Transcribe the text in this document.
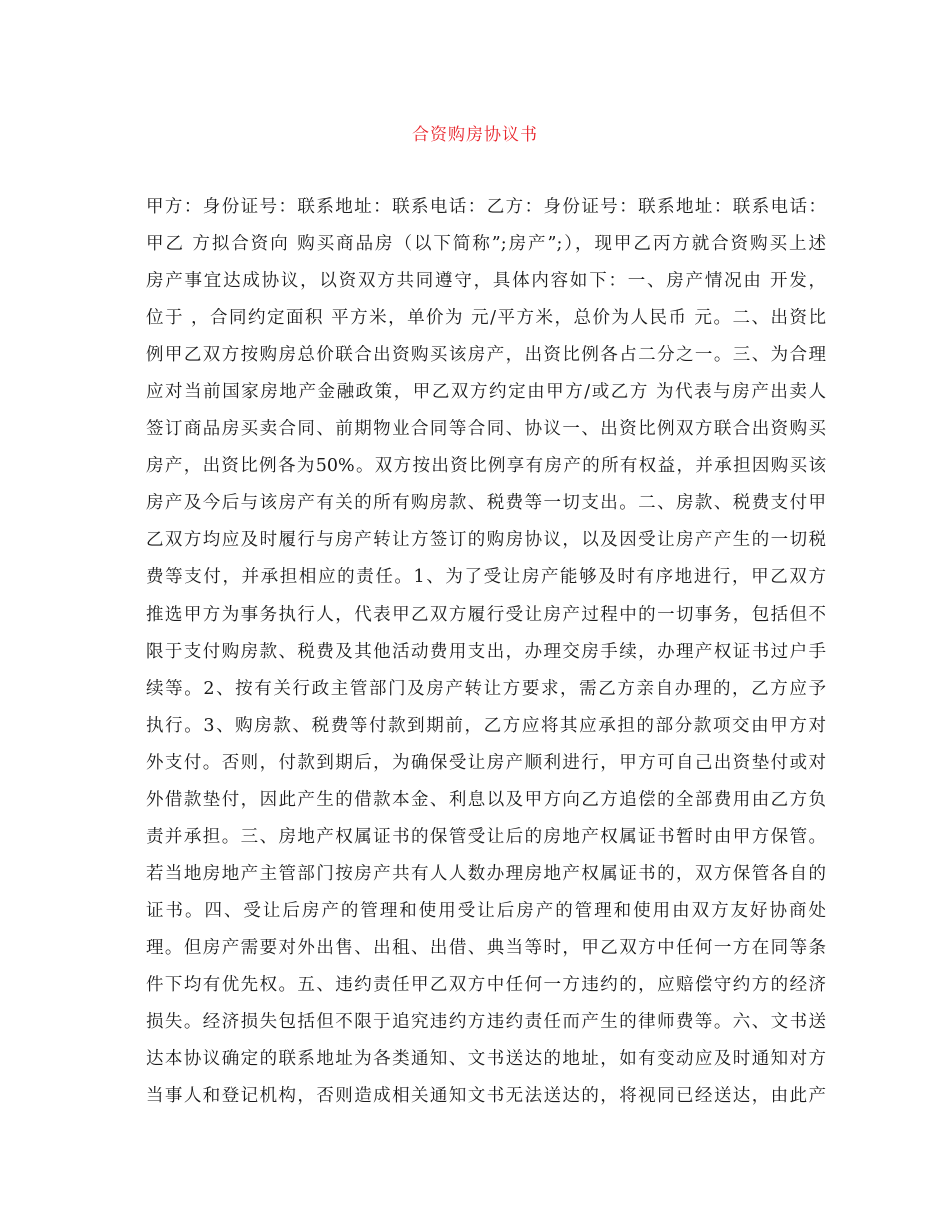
合资购房协议书
甲方：身份证号：联系地址：联系电话：乙方：身份证号：联系地址：联系电话：
甲乙 方拟合资向 购买商品房（以下简称”;房产”;），现甲乙丙方就合资购买上述
房产事宜达成协议，以资双方共同遵守，具体内容如下：一、房产情况由 开发，
位于 ，合同约定面积 平方米，单价为 元/平方米，总价为人民币 元。二、出资比
例甲乙双方按购房总价联合出资购买该房产，出资比例各占二分之一。三、为合理
应对当前国家房地产金融政策，甲乙双方约定由甲方/或乙方 为代表与房产出卖人
签订商品房买卖合同、前期物业合同等合同、协议一、出资比例双方联合出资购买
房产，出资比例各为50%。双方按出资比例享有房产的所有权益，并承担因购买该
房产及今后与该房产有关的所有购房款、税费等一切支出。二、房款、税费支付甲
乙双方均应及时履行与房产转让方签订的购房协议，以及因受让房产产生的一切税
费等支付，并承担相应的责任。1、为了受让房产能够及时有序地进行，甲乙双方
推选甲方为事务执行人，代表甲乙双方履行受让房产过程中的一切事务，包括但不
限于支付购房款、税费及其他活动费用支出，办理交房手续，办理产权证书过户手
续等。2、按有关行政主管部门及房产转让方要求，需乙方亲自办理的，乙方应予
执行。3、购房款、税费等付款到期前，乙方应将其应承担的部分款项交由甲方对
外支付。否则，付款到期后，为确保受让房产顺利进行，甲方可自己出资垫付或对
外借款垫付，因此产生的借款本金、利息以及甲方向乙方追偿的全部费用由乙方负
责并承担。三、房地产权属证书的保管受让后的房地产权属证书暂时由甲方保管。
若当地房地产主管部门按房产共有人人数办理房地产权属证书的，双方保管各自的
证书。四、受让后房产的管理和使用受让后房产的管理和使用由双方友好协商处
理。但房产需要对外出售、出租、出借、典当等时，甲乙双方中任何一方在同等条
件下均有优先权。五、违约责任甲乙双方中任何一方违约的，应赔偿守约方的经济
损失。经济损失包括但不限于追究违约方违约责任而产生的律师费等。六、文书送
达本协议确定的联系地址为各类通知、文书送达的地址，如有变动应及时通知对方
当事人和登记机构，否则造成相关通知文书无法送达的，将视同已经送达，由此产
